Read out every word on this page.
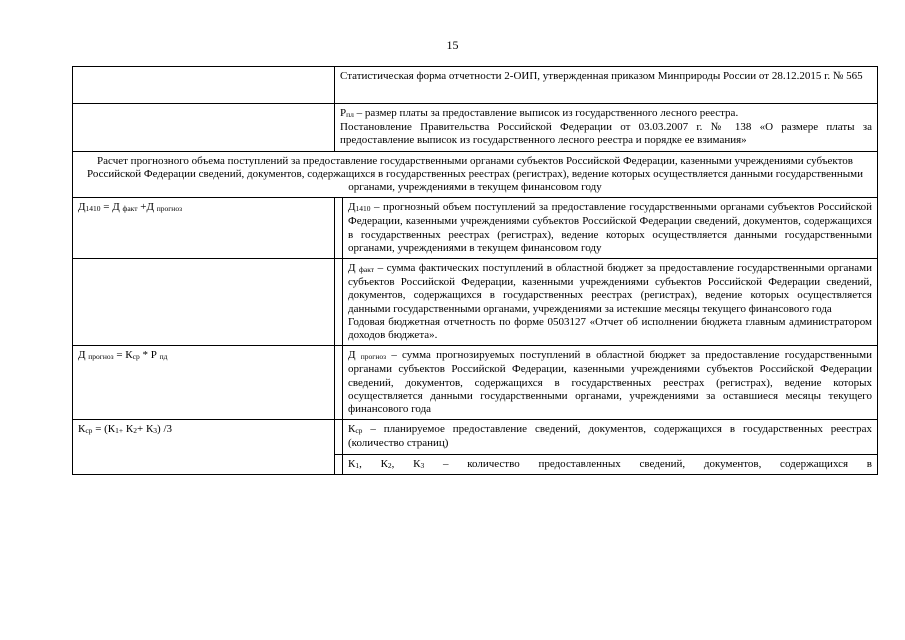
15
	Статистическая форма отчетности 2-ОИП, утвержденная приказом Минприроды России от 28.12.2015 г. № 565	

	Рпл – размер платы за предоставление выписок из государственного лесного реестра.
Постановление Правительства Российской Федерации от 03.03.2007 г. № 138 «О размере платы за предоставление выписок из государственного лесного реестра и порядке ее взимания»	

Расчет прогнозного объема поступлений за предоставление государственными органами субъектов Российской Федерации, казенными учреждениями субъектов Российской Федерации сведений, документов, содержащихся в государственных реестрах (регистрах), ведение которых осуществляется данными государственными органами, учреждениями в текущем финансовом году		
Д1410 = Д факт +Д прогноз		Д1410 – прогнозный объем поступлений за предоставление государственными органами субъектов Российской Федерации, казенными учреждениями субъектов Российской Федерации сведений, документов, содержащихся в государственных реестрах (регистрах), ведение которых осуществляется данными государственными органами, учреждениями в текущем финансовом году

		Д факт – сумма фактических поступлений в областной бюджет за предоставление государственными органами субъектов Российской Федерации, казенными учреждениями субъектов Российской Федерации сведений, документов, содержащихся в государственных реестрах (регистрах), ведение которых осуществляется данными государственными органами, учреждениями за истекшие месяцы текущего финансового года
Годовая бюджетная отчетность по форме 0503127 «Отчет об исполнении бюджета главным администратором доходов бюджета».

Д прогноз = Кср * Р пд		Д прогноз – сумма прогнозируемых поступлений в областной бюджет за предоставление государственными органами субъектов Российской Федерации, казенными учреждениями субъектов Российской Федерации сведений, документов, содержащихся в государственных реестрах (регистрах), ведение которых осуществляется данными государственными органами, учреждениями за оставшиеся месяцы текущего финансового года
Кср = (К1+ К2+ К3) /3		Кср – планируемое предоставление сведений, документов, содержащихся в государственных реестрах (количество страниц)

		К1, К2, К3 – количество предоставленных сведений, документов, содержащихся в
